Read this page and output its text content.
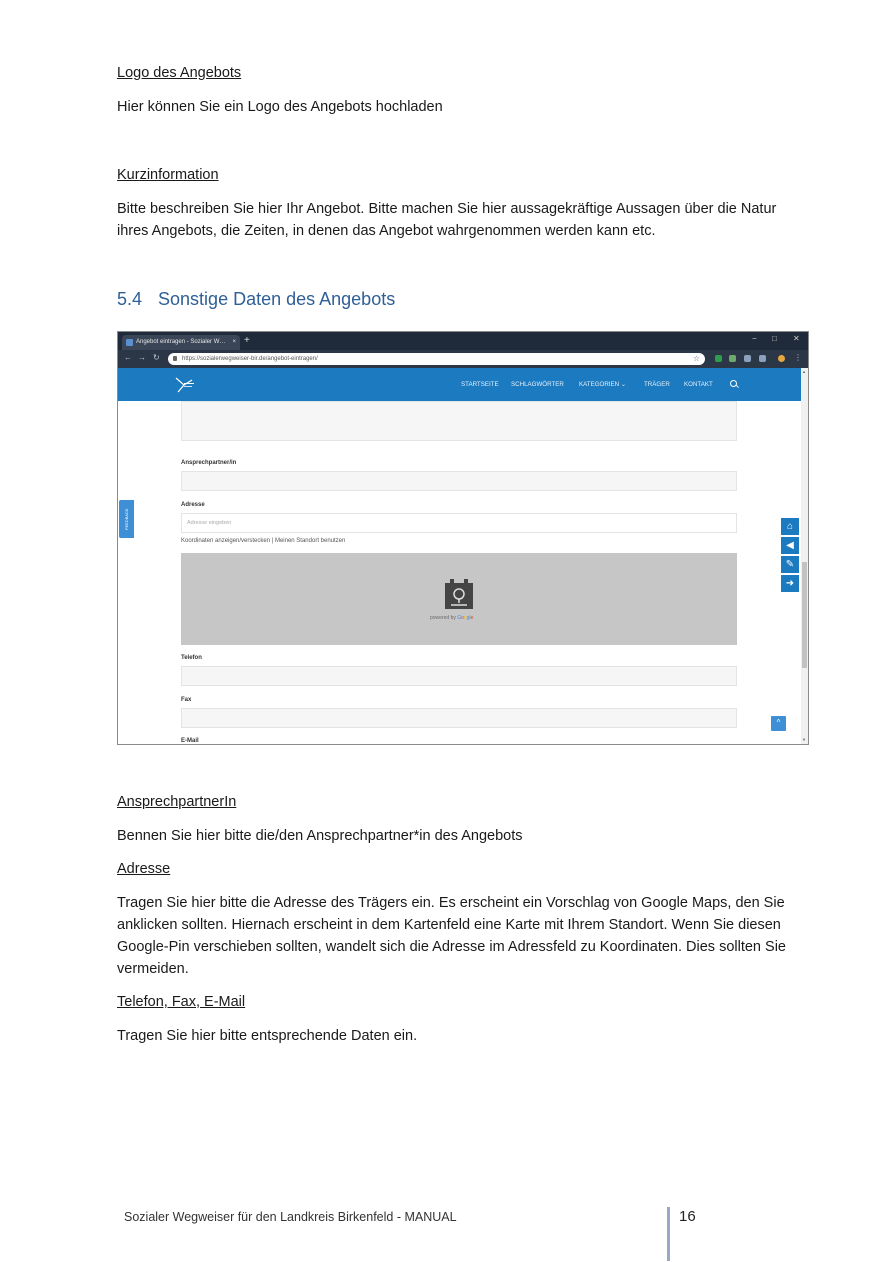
Logo des Angebots
Hier können Sie ein Logo des Angebots hochladen
Kurzinformation
Bitte beschreiben Sie hier Ihr Angebot. Bitte machen Sie hier aussagekräftige Aussagen über die Natur ihres Angebots, die Zeiten, in denen das Angebot wahrgenommen werden kann etc.
5.4 Sonstige Daten des Angebots
Angebot eintragen - Sozialer W… × +	− □ ✕
← → ↻	https://sozialerwegweiser-bir.de/angebot-eintragen/	☆	⋮
STARTSEITE SCHLAGWÖRTER KATEGORIEN ⌄	TRÄGER KONTAKT
Ansprechpartner/in
Adresse
Adresse eingeben
Koordinaten anzeigen/verstecken | Meinen Standort benutzen
powered by Google
Telefon
Fax
E-Mail
FEEDBACK	⌂
◀
✎
➜
^
▲
▼
AnsprechpartnerIn
Bennen Sie hier bitte die/den Ansprechpartner*in des Angebots
Adresse
Tragen Sie hier bitte die Adresse des Trägers ein. Es erscheint ein Vorschlag von Google Maps, den Sie anklicken sollten. Hiernach erscheint in dem Kartenfeld eine Karte mit Ihrem Standort. Wenn Sie diesen Google-Pin verschieben sollten, wandelt sich die Adresse im Adressfeld zu Koordinaten. Dies sollten Sie vermeiden.
Telefon, Fax, E-Mail
Tragen Sie hier bitte entsprechende Daten ein.
Sozialer Wegweiser für den Landkreis Birkenfeld - MANUAL	16
